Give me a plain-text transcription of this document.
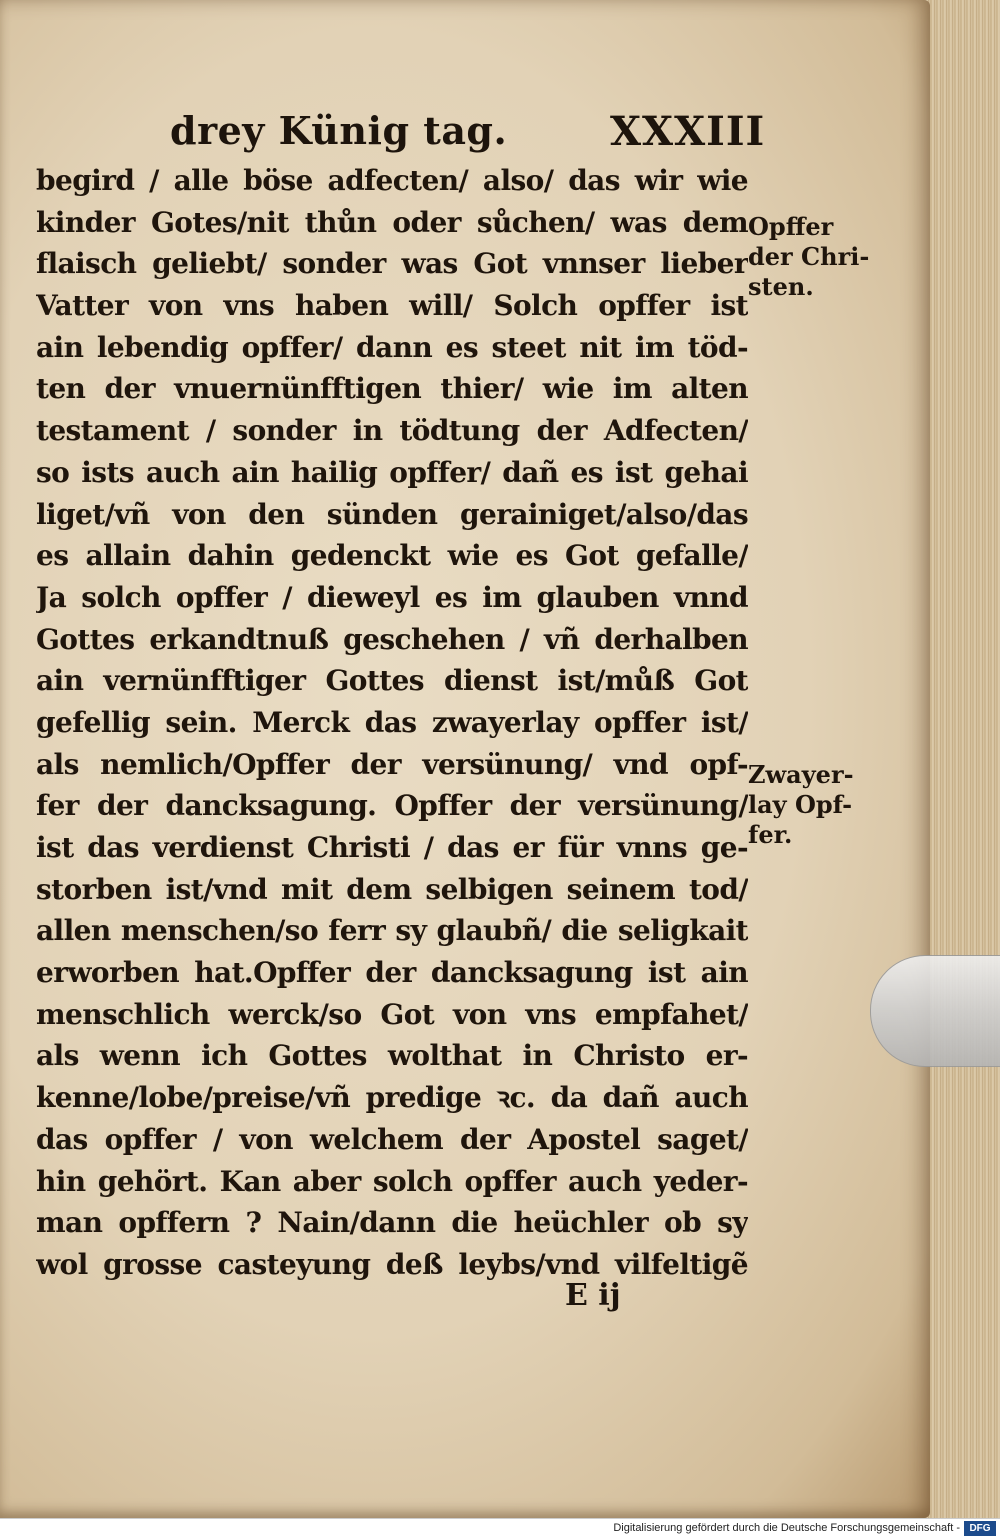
drey Künig tag.	XXXIII
begird / alle böse adfecten/ also/ das wir wie
kinder Gotes/nit thůn oder sůchen/ was dem
flaisch geliebt/ sonder was Got vnnser lieber
Vatter von vns haben will/ Solch opffer ist
ain lebendig opffer/ dann es steet nit im töd-
ten der vnuernünfftigen thier/ wie im alten
testament / sonder in tödtung der Adfecten/
so ists auch ain hailig opffer/ dañ es ist gehai
liget/vñ von den sünden gerainiget/also/das
es allain dahin gedenckt wie es Got gefalle/
Ja solch opffer / dieweyl es im glauben vnnd
Gottes erkandtnuß geschehen / vñ derhalben
ain vernünfftiger Gottes dienst ist/můß Got
gefellig sein. Merck das zwayerlay opffer ist/
als nemlich/Opffer der versünung/ vnd opf-
fer der dancksagung. Opffer der versünung/
ist das verdienst Christi / das er für vnns ge-
storben ist/vnd mit dem selbigen seinem tod/
allen menschen/so ferr sy glaubñ/ die seligkait
erworben hat.Opffer der dancksagung ist ain
menschlich werck/so Got von vns empfahet/
als wenn ich Gottes wolthat in Christo er-
kenne/lobe/preise/vñ predige ꝛc. da dañ auch
das opffer / von welchem der Apostel saget/
hin gehört. Kan aber solch opffer auch yeder-
man opffern ? Nain/dann die heüchler ob sy
wol grosse casteyung deß leybs/vnd vilfeltigẽ
Opffer
der Chri-
sten.
Zwayer-
lay Opf-
fer.
E ij
Digitalisierung gefördert durch die Deutsche Forschungsgemeinschaft - DFG
